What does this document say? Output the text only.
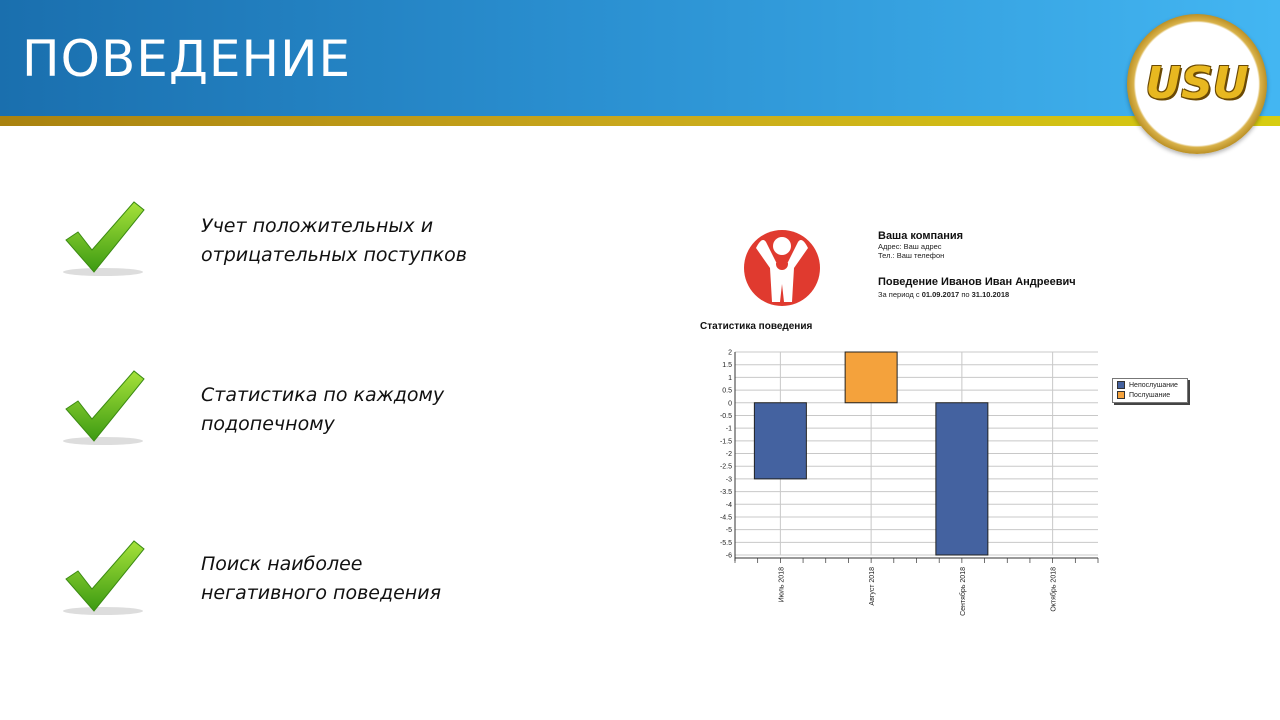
ПОВЕДЕНИЕ	USU
Учет положительных и
отрицательных поступков
Статистика по каждому
подопечному
Поиск наиболее
негативного поведения
Ваша компания
Адрес: Ваш адрес
Тел.: Ваш телефон
Поведение Иванов Иван Андреевич
За период с 01.09.2017 по 31.10.2018
Статистика поведения
2
1.5
1
0.5
0
-0.5
-1
-1.5
-2
-2.5
-3
-3.5
-4
-4.5
-5
-5.5
-6
Июль 2018	Август 2018	Сентябрь 2018	Октябрь 2018
Непослушание
Послушание
